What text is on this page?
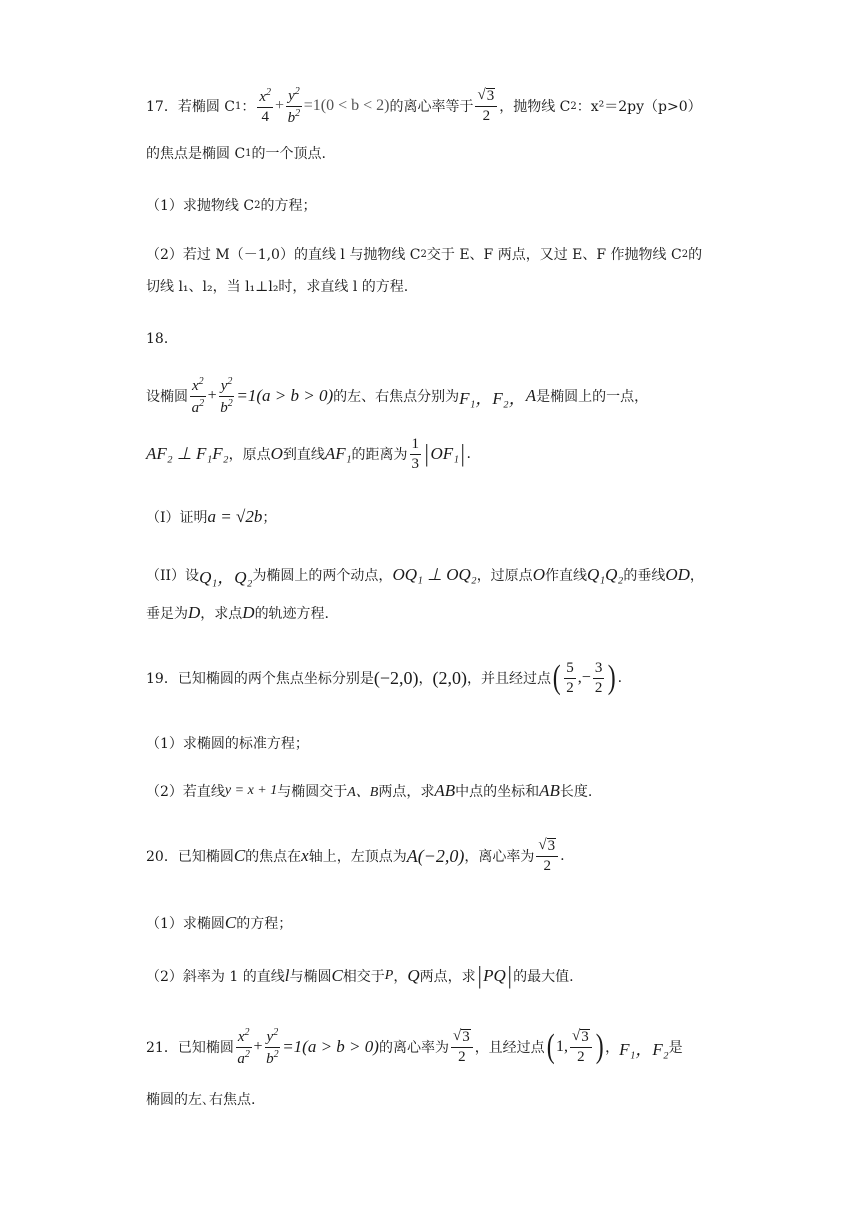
17．若椭圆 C 1 ： $\frac{x^2}{4} + \frac{y^2}{b^2} =1(0 < b < 2)$ 的离心率等于 $\frac{√ 3}{2}$ ，抛物线 C 2 ：x²＝2py（p>0）
的焦点是椭圆 C 1 的一个顶点.
（1）求抛物线 C 2 的方程；
（2）若过 M（－1,0）的直线 l 与抛物线 C 2 交于 E、F 两点，又过 E、F 作抛物线 C 2 的
切线 l₁、l₂，当 l₁⊥l₂时，求直线 l 的方程.
18．
设椭圆 $\frac{x^2}{a^2} + \frac{y^2}{b^2} =1(a > b > 0)$ 的左、右焦点分别为 F₁，F₂， A 是椭圆上的一点，
AF₂ ⊥ F₁F₂ ，原点 O 到直线 AF₁ 的距离为 $\frac{1}{3}$ | OF₁ | .
（I）证明 a = √2b ；
（II）设 Q₁，Q₂ 为椭圆上的两个动点， OQ₁ ⊥ OQ₂ ，过原点 O 作直线 Q₁Q₂ 的垂线 OD ，
垂足为 D ，求点 D 的轨迹方程.
19．已知椭圆的两个焦点坐标分别是 (−2,0) ， (2,0) ，并且经过点 ( $\frac{5}{2}$ ,− $\frac{3}{2}$ ) .
（1）求椭圆的标准方程；
（2）若直线 y = x + 1 与椭圆交于 A、B 两点，求 AB 中点的坐标和 AB 长度.
20．已知椭圆 C 的焦点在 x 轴上，左顶点为 A(−2,0) ，离心率为 $\frac{√ 3}{2}$ .
（1）求椭圆 C 的方程；
（2）斜率为 1 的直线 l 与椭圆 C 相交于 P ， Q 两点，求 | PQ | 的最大值.
21．已知椭圆 $\frac{x^2}{a^2} + \frac{y^2}{b^2} =1(a > b > 0)$ 的离心率为 $\frac{√ 3}{2}$ ，且经过点 ( 1, $\frac{√ 3}{2}$ ) ， F₁，F₂ 是
椭圆的左､右焦点.
